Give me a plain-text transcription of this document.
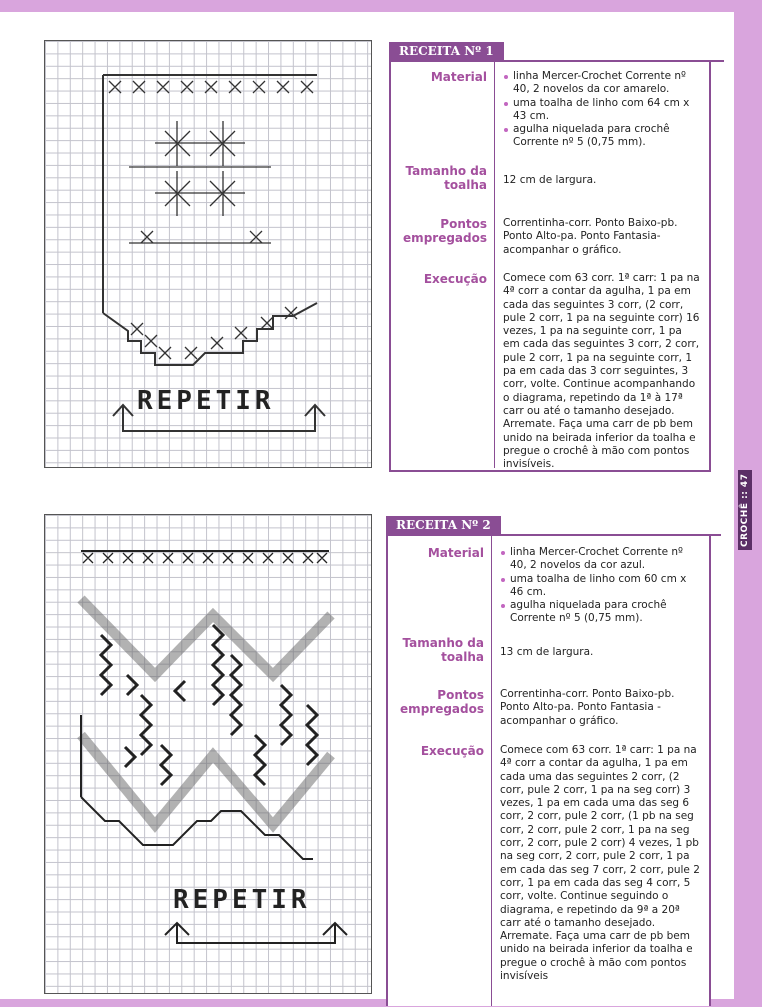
CROCHÊ :: 47
REPETIR
RECEITA Nº 1
Material	linha Mercer-Crochet Corrente nº 40, 2 novelos da cor amarelo.
uma toalha de linho com 64 cm x 43 cm.
agulha niquelada para crochê Corrente nº 5 (0,75 mm).
Tamanho da toalha 12 cm de largura.
Pontos empregados
Correntinha-corr. Ponto Baixo-pb. Ponto Alto-pa. Ponto Fantasia-acompanhar o gráfico.
Execução Comece com 63 corr. 1ª carr: 1 pa na 4ª corr a contar da agulha, 1 pa em cada das seguintes 3 corr, (2 corr, pule 2 corr, 1 pa na seguinte corr) 16 vezes, 1 pa na seguinte corr, 1 pa em cada das seguintes 3 corr, 2 corr, pule 2 corr, 1 pa na seguinte corr, 1 pa em cada das 3 corr seguintes, 3 corr, volte. Continue acompanhando o diagrama, repetindo da 1ª à 17ª carr ou até o tamanho desejado. Arremate. Faça uma carr de pb bem unido na beirada inferior da toalha e pregue o crochê à mão com pontos invisíveis.
REPETIR
RECEITA Nº 2
Material	linha Mercer-Crochet Corrente nº 40, 2 novelos da cor azul.
uma toalha de linho com 60 cm x 46 cm.
agulha niquelada para crochê Corrente nº 5 (0,75 mm).
Tamanho da toalha 13 cm de largura.
Pontos empregados
Correntinha-corr. Ponto Baixo-pb. Ponto Alto-pa. Ponto Fantasia - acompanhar o gráfico.
Execução Comece com 63 corr. 1ª carr: 1 pa na 4ª corr a contar da agulha, 1 pa em cada uma das seguintes 2 corr, (2 corr, pule 2 corr, 1 pa na seg corr) 3 vezes, 1 pa em cada uma das seg 6 corr, 2 corr, pule 2 corr, (1 pb na seg corr, 2 corr, pule 2 corr, 1 pa na seg corr, 2 corr, pule 2 corr) 4 vezes, 1 pb na seg corr, 2 corr, pule 2 corr, 1 pa em cada das seg 7 corr, 2 corr, pule 2 corr, 1 pa em cada das seg 4 corr, 5 corr, volte. Continue seguindo o diagrama, e repetindo da 9ª a 20ª carr até o tamanho desejado. Arremate. Faça uma carr de pb bem unido na beirada inferior da toalha e pregue o crochê à mão com pontos invisíveis
